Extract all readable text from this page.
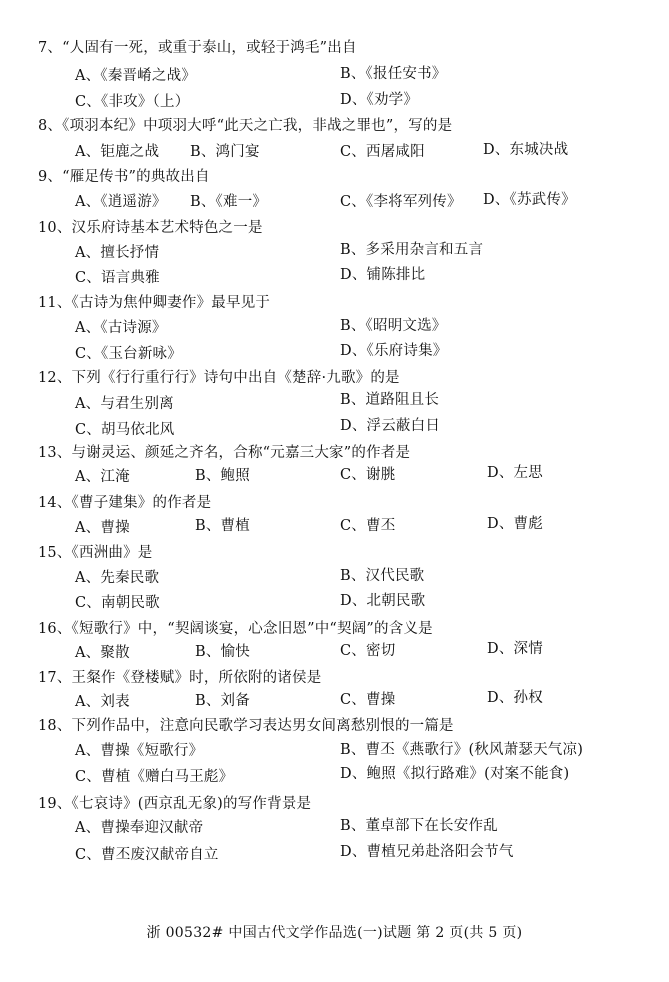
7、“人固有一死，或重于泰山，或轻于鸿毛”出自
A、《秦晋崤之战》	B、《报任安书》
C、《非攻》（上）	D、《劝学》
8、《项羽本纪》中项羽大呼“此天之亡我，非战之罪也”，写的是
A、钜鹿之战 B、鸿门宴	C、西屠咸阳	D、东城决战
9、“雁足传书”的典故出自
A、《逍遥游》 B、《难一》	C、《李将军列传》 D、《苏武传》
10、汉乐府诗基本艺术特色之一是
A、擅长抒情	B、多采用杂言和五言
C、语言典雅	D、铺陈排比
11、《古诗为焦仲卿妻作》最早见于
A、《古诗源》	B、《昭明文选》
C、《玉台新咏》	D、《乐府诗集》
12、下列《行行重行行》诗句中出自《楚辞·九歌》的是
A、与君生别离	B、道路阻且长
C、胡马依北风	D、浮云蔽白日
13、与谢灵运、颜延之齐名，合称“元嘉三大家”的作者是
A、江淹	B、鲍照	C、谢朓	D、左思
14、《曹子建集》的作者是
A、曹操	B、曹植	C、曹丕	D、曹彪
15、《西洲曲》是
A、先秦民歌	B、汉代民歌
C、南朝民歌	D、北朝民歌
16、《短歌行》中，“契阔谈宴，心念旧恩”中“契阔”的含义是
A、聚散	B、愉快	C、密切	D、深情
17、王粲作《登楼赋》时，所依附的诸侯是
A、刘表	B、刘备	C、曹操	D、孙权
18、下列作品中，注意向民歌学习表达男女间离愁别恨的一篇是
A、曹操《短歌行》	B、曹丕《燕歌行》(秋风萧瑟天气凉)
C、曹植《赠白马王彪》	D、鲍照《拟行路难》(对案不能食)
19、《七哀诗》(西京乱无象)的写作背景是
A、曹操奉迎汉献帝	B、董卓部下在长安作乱
C、曹丕废汉献帝自立	D、曹植兄弟赴洛阳会节气
浙 00532# 中国古代文学作品选(一)试题 第 2 页(共 5 页)
